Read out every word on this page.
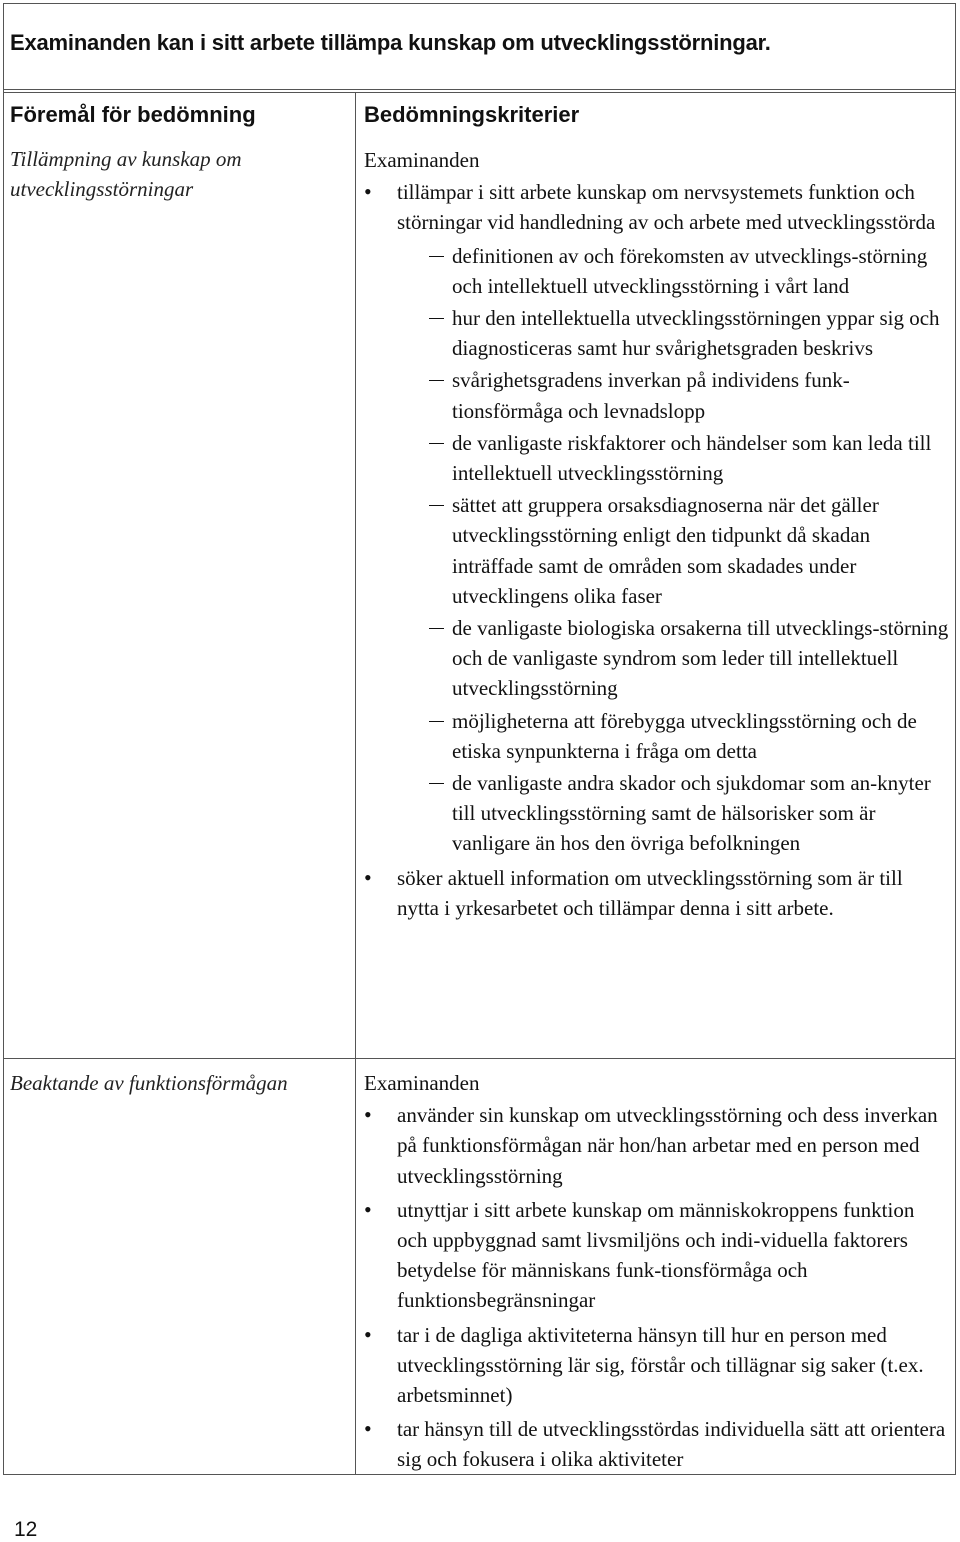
Examinanden kan i sitt arbete tillämpa kunskap om utvecklingsstörningar.
Föremål för bedömning	Bedömningskriterier
Tillämpning av kunskap om
utvecklingsstörningar

Examinanden

• tillämpar i sitt arbete kunskap om nervsystemets funktion och störningar vid handledning av och arbete med utvecklingsstörda
definitionen av och förekomsten av utvecklings-störning och intellektuell utvecklingsstörning i vårt land
hur den intellektuella utvecklingsstörningen yppar sig och diagnosticeras samt hur svårighetsgraden beskrivs
svårighetsgradens inverkan på individens funk-tionsförmåga och levnadslopp
de vanligaste riskfaktorer och händelser som kan leda till intellektuell utvecklingsstörning
sättet att gruppera orsaksdiagnoserna när det gäller utvecklingsstörning enligt den tidpunkt då skadan inträffade samt de områden som skadades under utvecklingens olika faser
de vanligaste biologiska orsakerna till utvecklings-störning och de vanligaste syndrom som leder till intellektuell utvecklingsstörning
möjligheterna att förebygga utvecklingsstörning och de etiska synpunkterna i fråga om detta
de vanligaste andra skador och sjukdomar som an-knyter till utvecklingsstörning samt de hälsorisker som är vanligare än hos den övriga befolkningen
• söker aktuell information om utvecklingsstörning som är till nytta i yrkesarbetet och tillämpar denna i sitt arbete.
Beaktande av funktionsförmågan	Examinanden

• använder sin kunskap om utvecklingsstörning och dess inverkan på funktionsförmågan när hon/han arbetar med en person med utvecklingsstörning
• utnyttjar i sitt arbete kunskap om människokroppens funktion och uppbyggnad samt livsmiljöns och indi-viduella faktorers betydelse för människans funk-tionsförmåga och funktionsbegränsningar
• tar i de dagliga aktiviteterna hänsyn till hur en person med utvecklingsstörning lär sig, förstår och tillägnar sig saker (t.ex. arbetsminnet)
• tar hänsyn till de utvecklingsstördas individuella sätt att orientera sig och fokusera i olika aktiviteter
12
